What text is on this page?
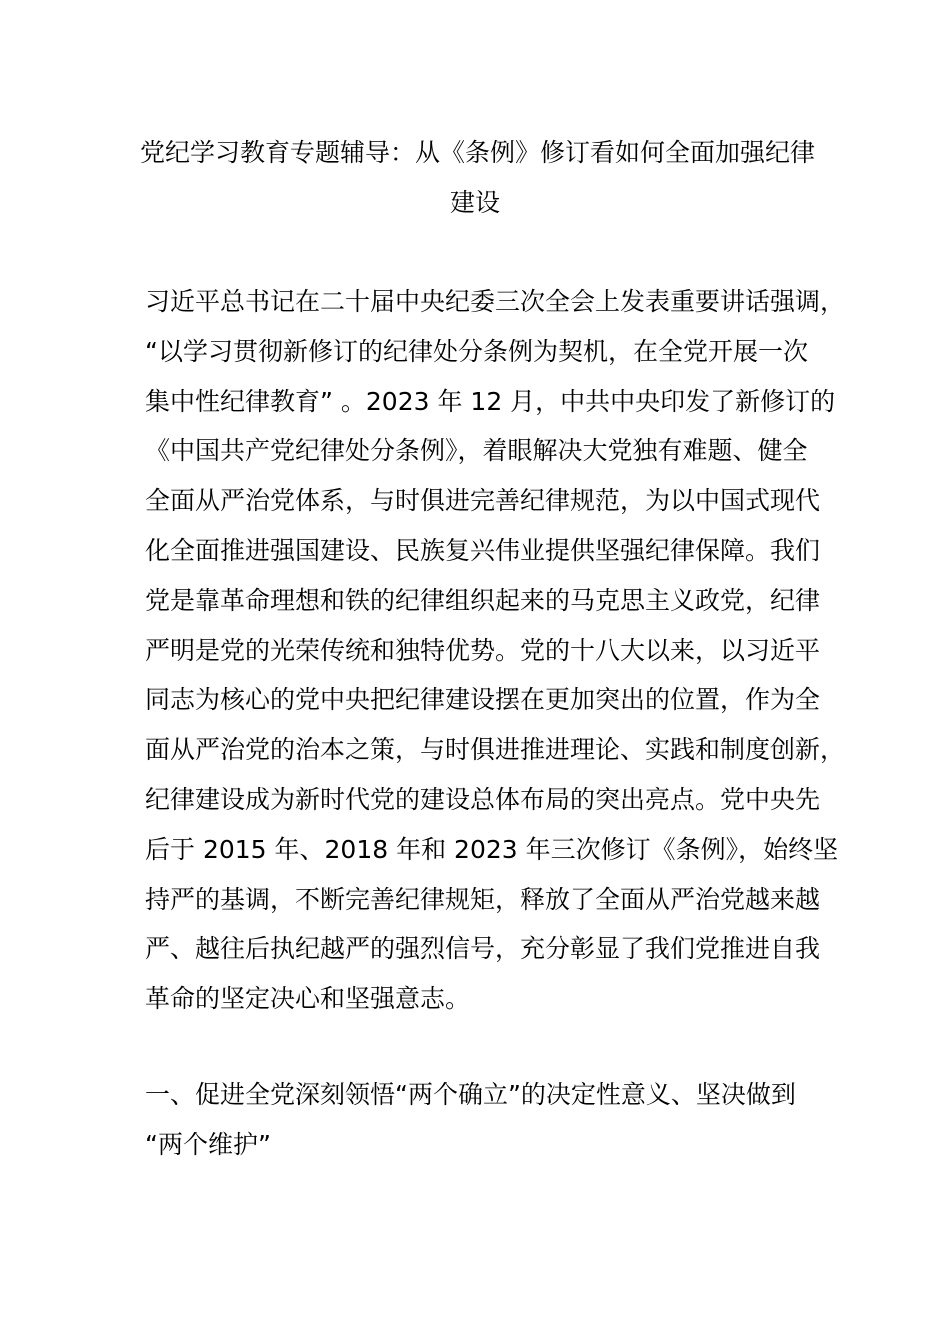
党纪学习教育专题辅导：从《条例》修订看如何全面加强纪律
建设
习近平总书记在二十届中央纪委三次全会上发表重要讲话强调，
“以学习贯彻新修订的纪律处分条例为契机，在全党开展一次
集中性纪律教育” 。2023 年 12 月，中共中央印发了新修订的
《中国共产党纪律处分条例》，着眼解决大党独有难题、健全
全面从严治党体系，与时俱进完善纪律规范，为以中国式现代
化全面推进强国建设、民族复兴伟业提供坚强纪律保障。我们
党是靠革命理想和铁的纪律组织起来的马克思主义政党，纪律
严明是党的光荣传统和独特优势。党的十八大以来，以习近平
同志为核心的党中央把纪律建设摆在更加突出的位置，作为全
面从严治党的治本之策，与时俱进推进理论、实践和制度创新，
纪律建设成为新时代党的建设总体布局的突出亮点。党中央先
后于 2015 年、2018 年和 2023 年三次修订《条例》，始终坚
持严的基调，不断完善纪律规矩，释放了全面从严治党越来越
严、越往后执纪越严的强烈信号，充分彰显了我们党推进自我
革命的坚定决心和坚强意志。
一、促进全党深刻领悟“两个确立”的决定性意义、坚决做到
“两个维护”
